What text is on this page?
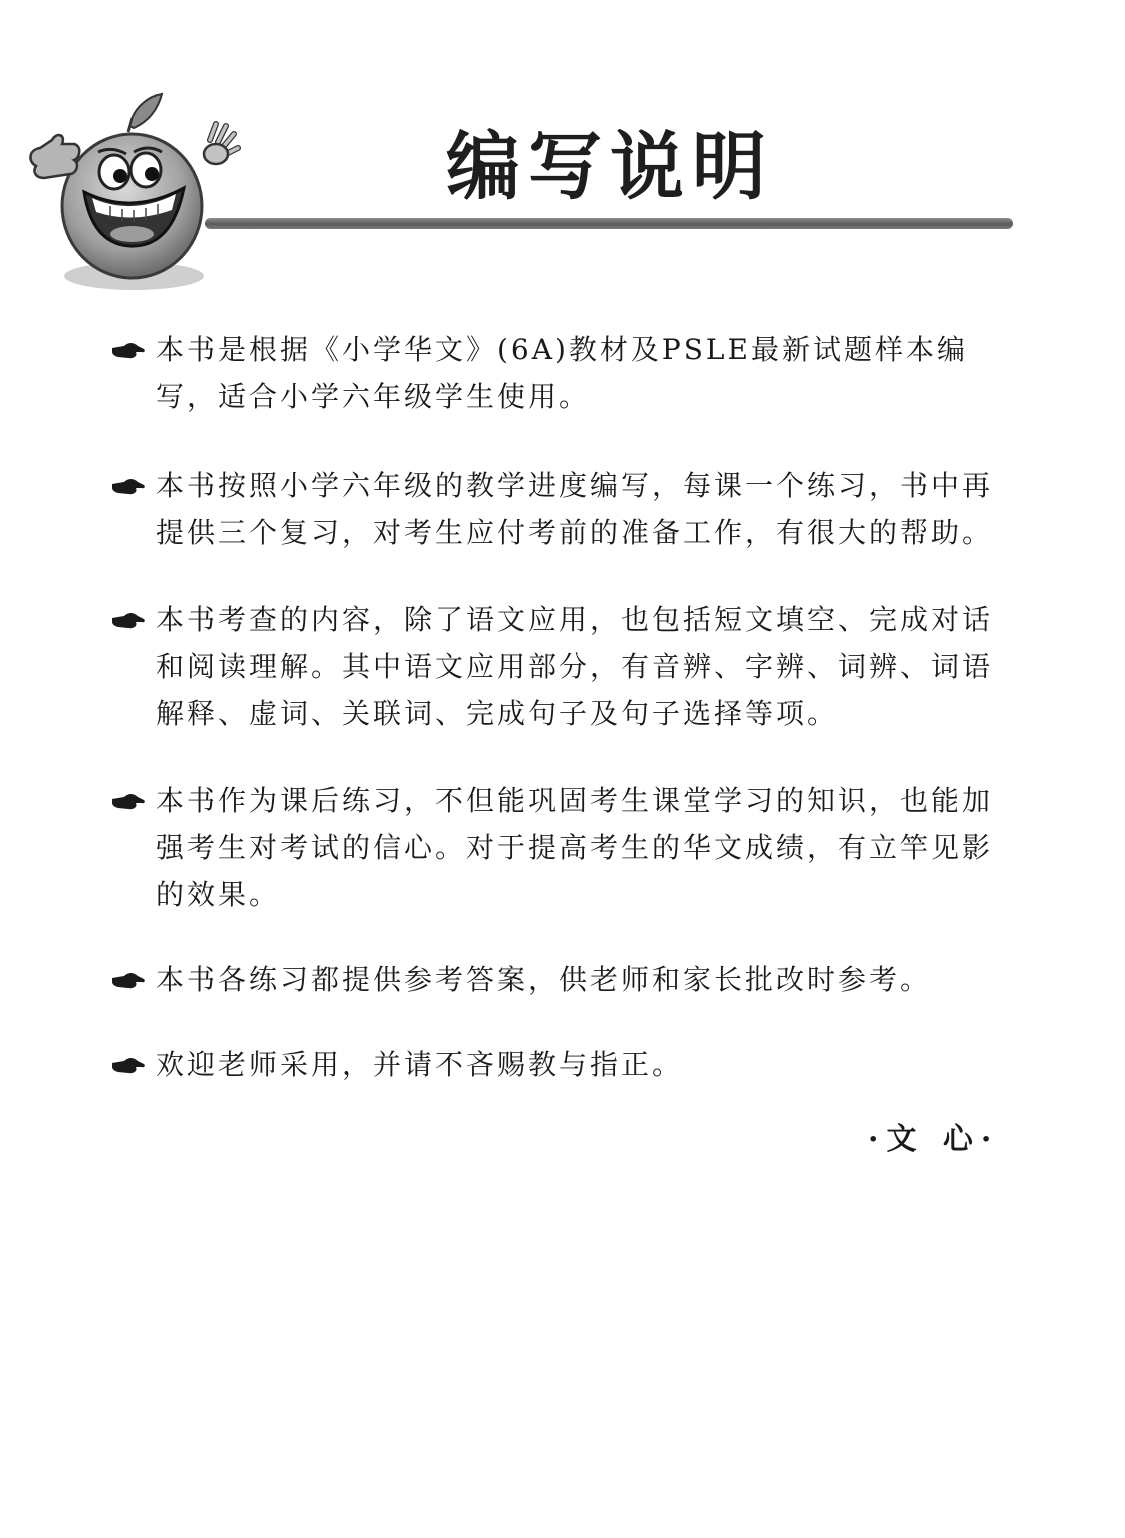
编写说明
本书是根据《小学华文》(6A)教材及PSLE最新试题样本编写，适合小学六年级学生使用。
本书按照小学六年级的教学进度编写，每课一个练习，书中再提供三个复习，对考生应付考前的准备工作，有很大的帮助。
本书考查的内容，除了语文应用，也包括短文填空、完成对话和阅读理解。其中语文应用部分，有音辨、字辨、词辨、词语解释、虚词、关联词、完成句子及句子选择等项。
本书作为课后练习，不但能巩固考生课堂学习的知识，也能加强考生对考试的信心。对于提高考生的华文成绩，有立竿见影的效果。
本书各练习都提供参考答案，供老师和家长批改时参考。
欢迎老师采用，并请不吝赐教与指正。

·文 心·
